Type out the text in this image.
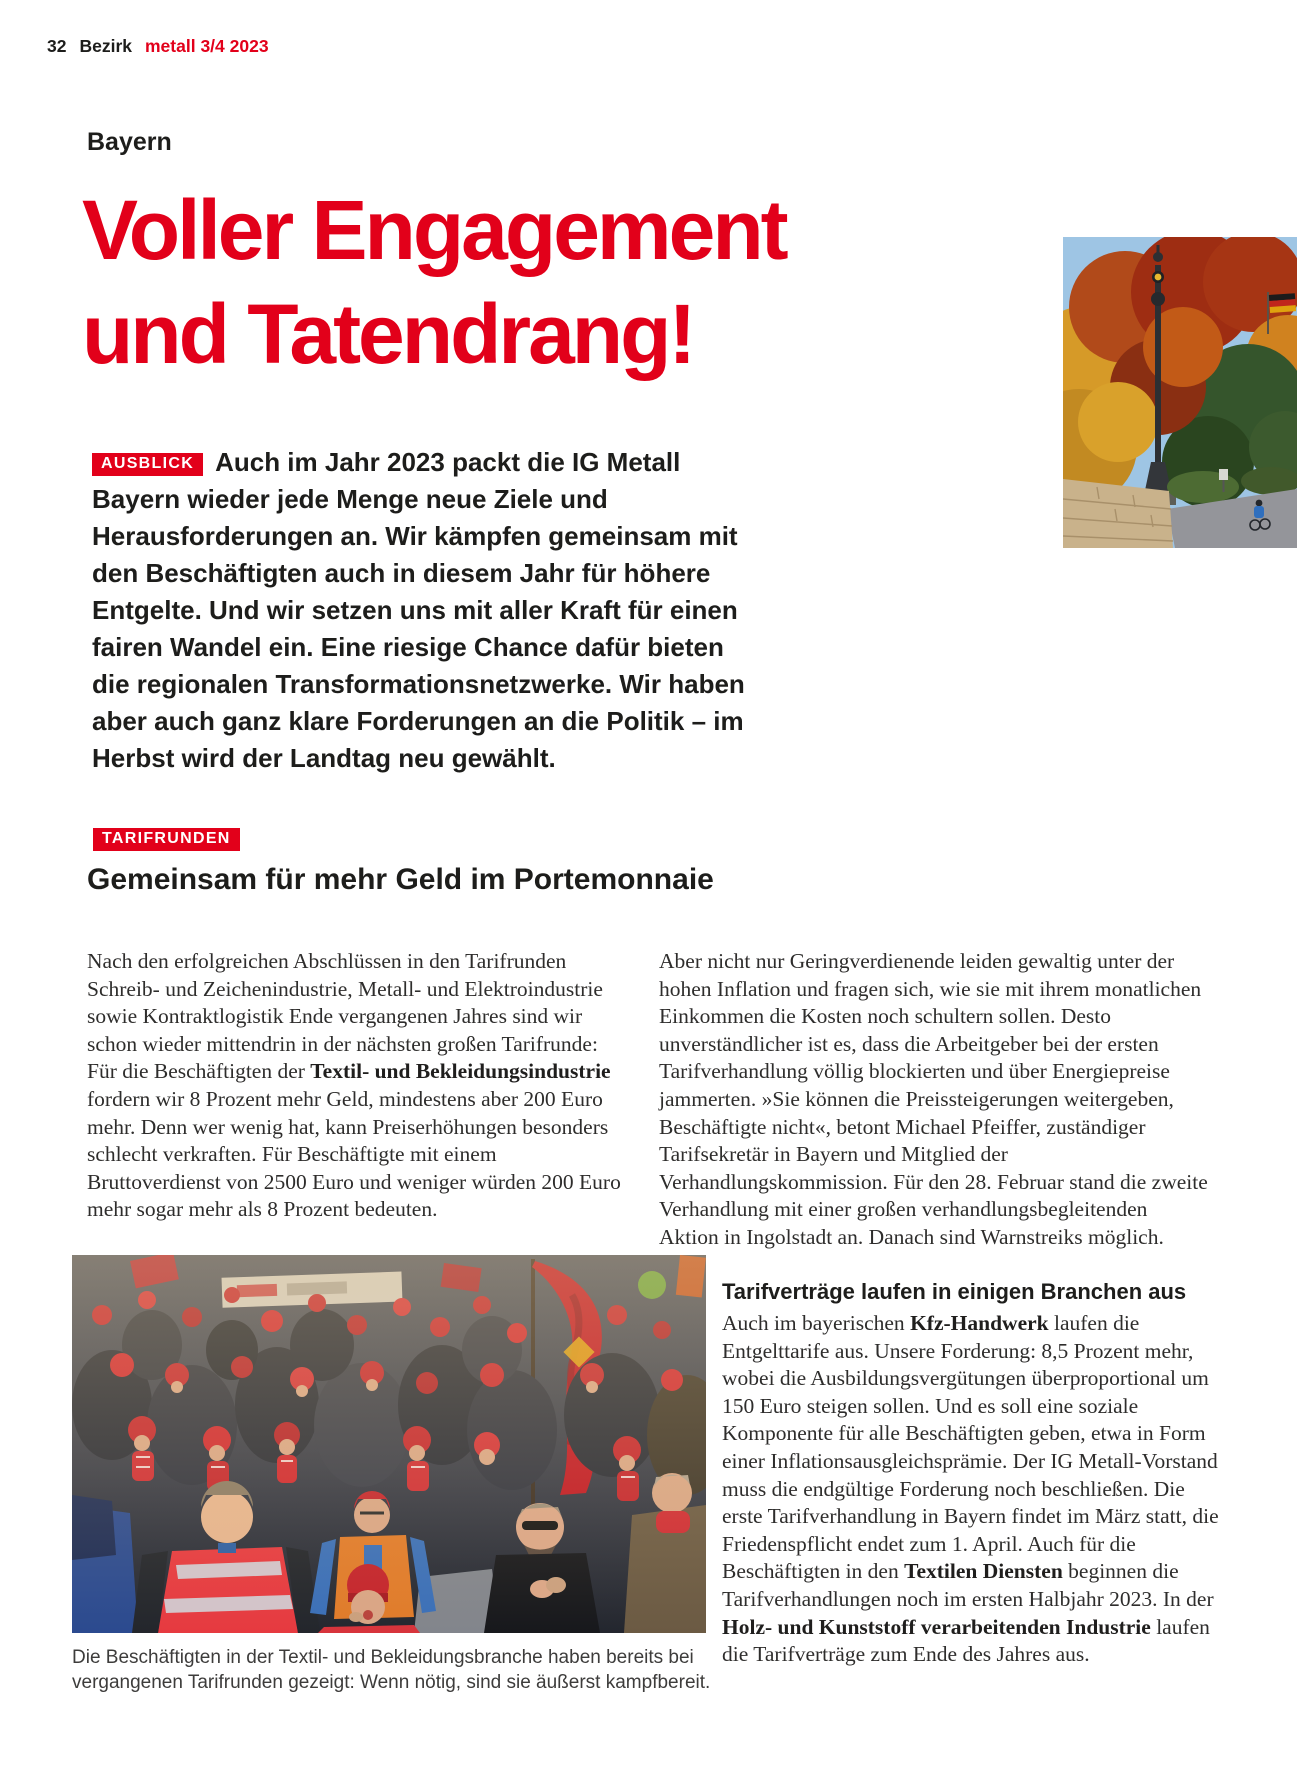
32 Bezirk metall 3/4 2023
Bayern
Voller Engagement
und Tatendrang!

AUSBLICK Auch im Jahr 2023 packt die IG Metall Bayern wieder jede Menge neue Ziele und Herausforderungen an. Wir kämpfen gemeinsam mit den Beschäftigten auch in diesem Jahr für höhere Entgelte. Und wir setzen uns mit aller Kraft für einen fairen Wandel ein. Eine riesige Chance dafür bieten die regionalen Transformationsnetzwerke. Wir haben aber auch ganz klare Forderungen an die Politik – im Herbst wird der Landtag neu gewählt.

TARIFRUNDEN
Gemeinsam für mehr Geld im Portemonnaie
Nach den erfolgreichen Abschlüssen in den Tarifrunden Schreib- und Zeichenindustrie, Metall- und Elektroindustrie sowie Kontraktlogistik Ende vergangenen Jahres sind wir schon wieder mittendrin in der nächsten großen Tarifrunde: Für die Beschäftigten der Textil- und Bekleidungsindustrie fordern wir 8 Prozent mehr Geld, mindestens aber 200 Euro mehr. Denn wer wenig hat, kann Preiserhöhungen besonders schlecht verkraften. Für Beschäftigte mit einem Bruttoverdienst von 2500 Euro und weniger würden 200 Euro mehr sogar mehr als 8 Prozent bedeuten.
Aber nicht nur Geringverdienende leiden gewaltig unter der hohen Inflation und fragen sich, wie sie mit ihrem monatlichen Einkommen die Kosten noch schultern sollen. Desto unverständlicher ist es, dass die Arbeitgeber bei der ersten Tarifverhandlung völlig blockierten und über Energiepreise jammerten. »Sie können die Preissteigerungen weitergeben, Beschäftigte nicht«, betont Michael Pfeiffer, zuständiger Tarifsekretär in Bayern und Mitglied der Verhandlungskommission. Für den 28. Februar stand die zweite Verhandlung mit einer großen verhandlungsbegleitenden Aktion in Ingolstadt an. Danach sind Warnstreiks möglich.

Die Beschäftigten in der Textil- und Bekleidungsbranche haben bereits bei vergangenen Tarifrunden gezeigt: Wenn nötig, sind sie äußerst kampfbereit.

Tarifverträge laufen in einigen Branchen aus
Auch im bayerischen Kfz-Handwerk laufen die Entgelttarife aus. Unsere Forderung: 8,5 Prozent mehr, wobei die Ausbildungsvergütungen überproportional um 150 Euro steigen sollen. Und es soll eine soziale Komponente für alle Beschäftigten geben, etwa in Form einer Inflationsausgleichsprämie. Der IG Metall-Vorstand muss die endgültige Forderung noch beschließen. Die erste Tarifverhandlung in Bayern findet im März statt, die Friedenspflicht endet zum 1. April. Auch für die Beschäftigten in den Textilen Diensten beginnen die Tarifverhandlungen noch im ersten Halbjahr 2023. In der Holz- und Kunststoff verarbeitenden Industrie laufen die Tarifverträge zum Ende des Jahres aus.
